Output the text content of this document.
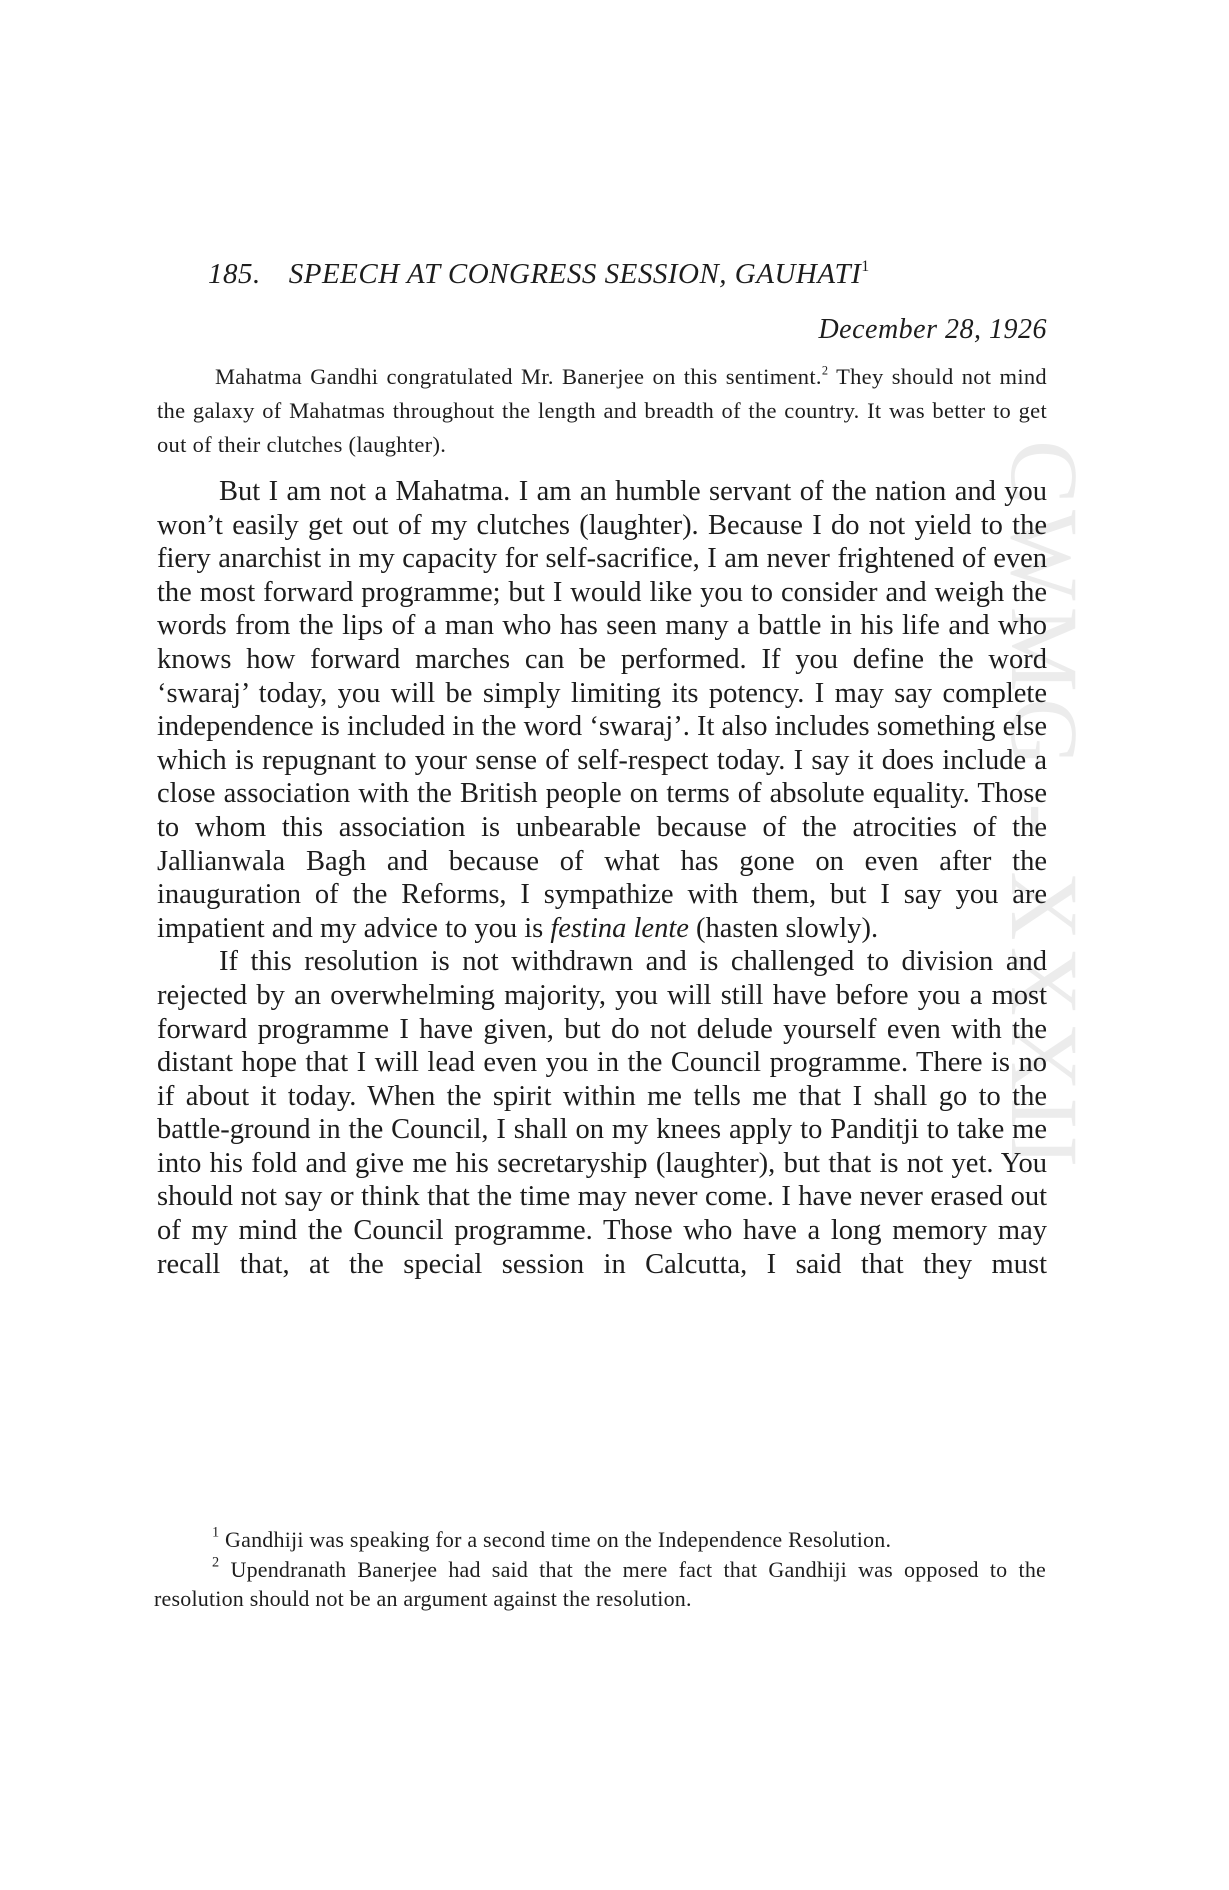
CWMG - XXXII
185. SPEECH AT CONGRESS SESSION, GAUHATI$^1$
December 28, 1926
Mahatma Gandhi congratulated Mr. Banerjee on this sentiment.$^2$ They should not mind the galaxy of Mahatmas throughout the length and breadth of the country. It was better to get out of their clutches (laughter).

But I am not a Mahatma. I am an humble servant of the nation and you won’t easily get out of my clutches (laughter). Because I do not yield to the fiery anarchist in my capacity for self-sacrifice, I am never frightened of even the most forward programme; but I would like you to consider and weigh the words from the lips of a man who has seen many a battle in his life and who knows how forward marches can be performed. If you define the word ‘swaraj’ today, you will be simply limiting its potency. I may say complete independence is included in the word ‘swaraj’. It also includes something else which is repugnant to your sense of self-respect today. I say it does include a close association with the British people on terms of absolute equality. Those to whom this association is unbearable because of the atrocities of the Jallianwala Bagh and because of what has gone on even after the inauguration of the Reforms, I sympathize with them, but I say you are impatient and my advice to you is festina lente (hasten slowly).

If this resolution is not withdrawn and is challenged to division and rejected by an overwhelming majority, you will still have before you a most forward programme I have given, but do not delude yourself even with the distant hope that I will lead even you in the Council programme. There is no if about it today. When the spirit within me tells me that I shall go to the battle-ground in the Council, I shall on my knees apply to Panditji to take me into his fold and give me his secretaryship (laughter), but that is not yet. You should not say or think that the time may never come. I have never erased out of my mind the Council programme. Those who have a long memory may recall that, at the special session in Calcutta, I said that they must

$^1$ Gandhiji was speaking for a second time on the Independence Resolution.

$^2$ Upendranath Banerjee had said that the mere fact that Gandhiji was opposed to the resolution should not be an argument against the resolution.
